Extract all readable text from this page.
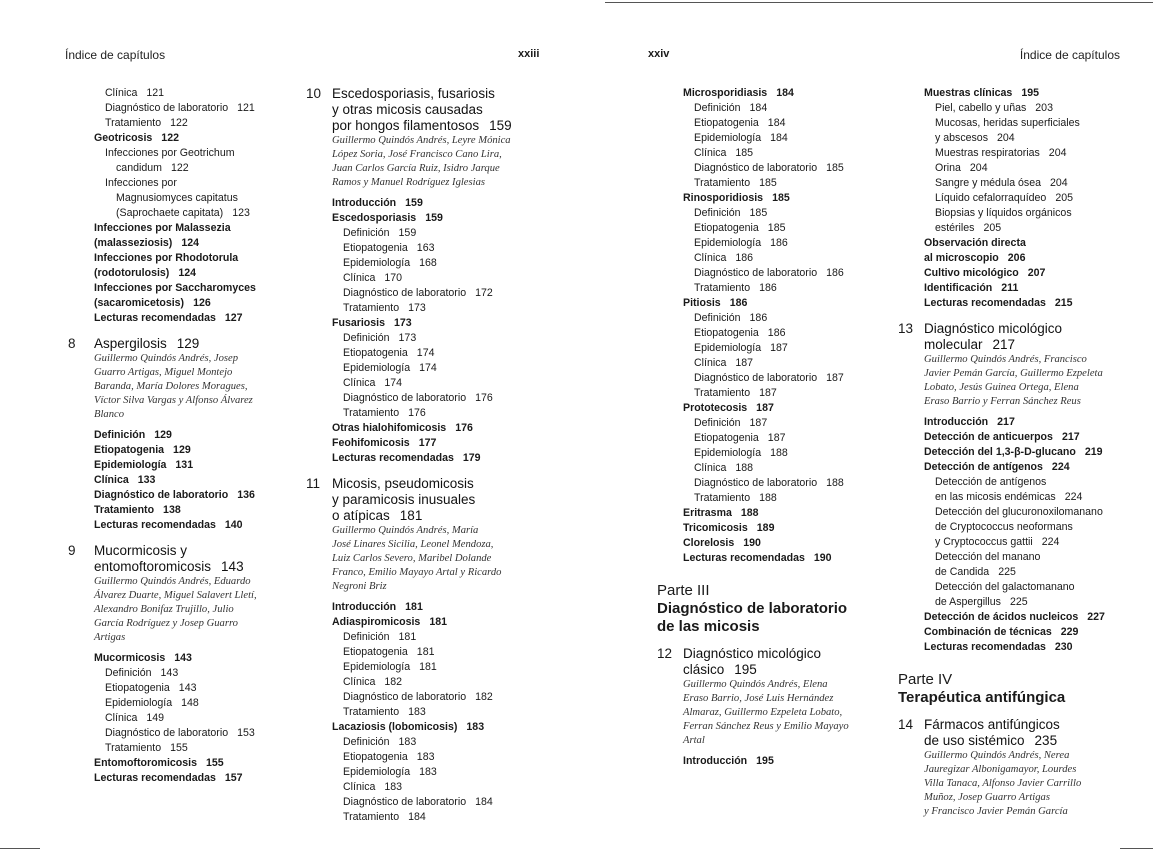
Índice de capítulos	xxiii	xxiv	Índice de capítulos
Clínica 121
Diagnóstico de laboratorio 121
Tratamiento 122
Geotricosis 122
Infecciones por Geotrichum
candidum 122
Infecciones por
Magnusiomyces capitatus
(Saprochaete capitata) 123
Infecciones por Malassezia
(malasseziosis) 124
Infecciones por Rhodotorula
(rodotorulosis) 124
Infecciones por Saccharomyces
(sacaromicetosis) 126
Lecturas recomendadas 127
8 Aspergilosis 129
Guillermo Quindós Andrés, Josep
Guarro Artigas, Miguel Montejo
Baranda, María Dolores Moragues,
Víctor Silva Vargas y Alfonso Álvarez
Blanco
Definición 129
Etiopatogenia 129
Epidemiología 131
Clínica 133
Diagnóstico de laboratorio 136
Tratamiento 138
Lecturas recomendadas 140
9 Mucormicosis y
entomoftoromicosis 143
Guillermo Quindós Andrés, Eduardo
Álvarez Duarte, Miguel Salavert Lletí,
Alexandro Bonifaz Trujillo, Julio
García Rodríguez y Josep Guarro
Artigas
Mucormicosis 143
Definición 143
Etiopatogenia 143
Epidemiología 148
Clínica 149
Diagnóstico de laboratorio 153
Tratamiento 155
Entomoftoromicosis 155
Lecturas recomendadas 157
10 Escedosporiasis, fusariosis
y otras micosis causadas
por hongos filamentosos 159
Guillermo Quindós Andrés, Leyre Mónica
López Soria, José Francisco Cano Lira,
Juan Carlos García Ruiz, Isidro Jarque
Ramos y Manuel Rodríguez Iglesias
Introducción 159
Escedosporiasis 159
Definición 159
Etiopatogenia 163
Epidemiología 168
Clínica 170
Diagnóstico de laboratorio 172
Tratamiento 173
Fusariosis 173
Definición 173
Etiopatogenia 174
Epidemiología 174
Clínica 174
Diagnóstico de laboratorio 176
Tratamiento 176
Otras hialohifomicosis 176
Feohifomicosis 177
Lecturas recomendadas 179
11 Micosis, pseudomicosis
y paramicosis inusuales
o atípicas 181
Guillermo Quindós Andrés, María
José Linares Sicilia, Leonel Mendoza,
Luiz Carlos Severo, Maribel Dolande
Franco, Emilio Mayayo Artal y Ricardo
Negroni Briz
Introducción 181
Adiaspiromicosis 181
Definición 181
Etiopatogenia 181
Epidemiología 181
Clínica 182
Diagnóstico de laboratorio 182
Tratamiento 183
Lacaziosis (lobomicosis) 183
Definición 183
Etiopatogenia 183
Epidemiología 183
Clínica 183
Diagnóstico de laboratorio 184
Tratamiento 184
Microsporidiasis 184
Definición 184
Etiopatogenia 184
Epidemiología 184
Clínica 185
Diagnóstico de laboratorio 185
Tratamiento 185
Rinosporidiosis 185
Definición 185
Etiopatogenia 185
Epidemiología 186
Clínica 186
Diagnóstico de laboratorio 186
Tratamiento 186
Pitiosis 186
Definición 186
Etiopatogenia 186
Epidemiología 187
Clínica 187
Diagnóstico de laboratorio 187
Tratamiento 187
Prototecosis 187
Definición 187
Etiopatogenia 187
Epidemiología 188
Clínica 188
Diagnóstico de laboratorio 188
Tratamiento 188
Eritrasma 188
Tricomicosis 189
Clorelosis 190
Lecturas recomendadas 190
Parte III
Diagnóstico de laboratorio
de las micosis
12 Diagnóstico micológico
clásico 195
Guillermo Quindós Andrés, Elena
Eraso Barrio, José Luis Hernández
Almaraz, Guillermo Ezpeleta Lobato,
Ferran Sánchez Reus y Emilio Mayayo
Artal
Introducción 195
Muestras clínicas 195
Piel, cabello y uñas 203
Mucosas, heridas superficiales
y abscesos 204
Muestras respiratorias 204
Orina 204
Sangre y médula ósea 204
Líquido cefalorraquídeo 205
Biopsias y líquidos orgánicos
estériles 205
Observación directa
al microscopio 206
Cultivo micológico 207
Identificación 211
Lecturas recomendadas 215
13 Diagnóstico micológico
molecular 217
Guillermo Quindós Andrés, Francisco
Javier Pemán García, Guillermo Ezpeleta
Lobato, Jesús Guinea Ortega, Elena
Eraso Barrio y Ferran Sánchez Reus
Introducción 217
Detección de anticuerpos 217
Detección del 1,3-β-D-glucano 219
Detección de antígenos 224
Detección de antígenos
en las micosis endémicas 224
Detección del glucuronoxilomanano
de Cryptococcus neoformans
y Cryptococcus gattii 224
Detección del manano
de Candida 225
Detección del galactomanano
de Aspergillus 225
Detección de ácidos nucleicos 227
Combinación de técnicas 229
Lecturas recomendadas 230
Parte IV
Terapéutica antifúngica
14 Fármacos antifúngicos
de uso sistémico 235
Guillermo Quindós Andrés, Nerea
Jauregizar Albonigamayor, Lourdes
Villa Tanaca, Alfonso Javier Carrillo
Muñoz, Josep Guarro Artigas
y Francisco Javier Pemán García
